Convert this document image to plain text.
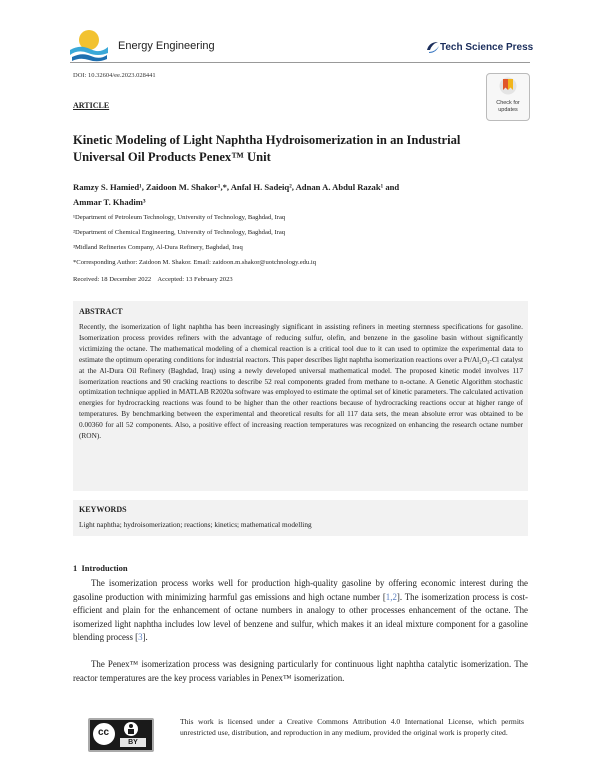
Energy Engineering	Tech Science Press
DOI: 10.32604/ee.2023.028441
Check for
updates
ARTICLE
Kinetic Modeling of Light Naphtha Hydroisomerization in an Industrial Universal Oil Products Penex™ Unit
Ramzy S. Hamied¹, Zaidoon M. Shakor¹,*, Anfal H. Sadeiq², Adnan A. Abdul Razak¹ and
Ammar T. Khadim³
¹Department of Petroleum Technology, University of Technology, Baghdad, Iraq
²Department of Chemical Engineering, University of Technology, Baghdad, Iraq
³Midland Refineries Company, Al-Dura Refinery, Baghdad, Iraq
*Corresponding Author: Zaidoon M. Shakor. Email: zaidoon.m.shakor@uotchnology.edu.iq
Received: 18 December 2022    Accepted: 13 February 2023
ABSTRACT
Recently, the isomerization of light naphtha has been increasingly significant in assisting refiners in meeting sternness specifications for gasoline. Isomerization process provides refiners with the advantage of reducing sulfur, olefin, and benzene in the gasoline basin without significantly victimizing the octane. The mathematical modeling of a chemical reaction is a critical tool due to it can used to optimize the experimental data to estimate the optimum operating conditions for industrial reactors. This paper describes light naphtha isomerization reactions over a Pt/Al₂O₃-Cl catalyst at the Al-Dura Oil Refinery (Baghdad, Iraq) using a newly developed universal mathematical model. The proposed kinetic model involves 117 isomerization reactions and 90 cracking reactions to describe 52 real components graded from methane to n-octane. A Genetic Algorithm stochastic optimization technique applied in MATLAB R2020a software was employed to estimate the optimal set of kinetic parameters. The calculated activation energies for hydrocracking reactions was found to be higher than the other reactions because of hydrocracking reactions occur at higher range of temperatures. By benchmarking between the experimental and theoretical results for all 117 data sets, the mean absolute error was obtained to be 0.00360 for all 52 components. Also, a positive effect of increasing reaction temperatures was recognized on enhancing the research octane number (RON).
KEYWORDS
Light naphtha; hydroisomerization; reactions; kinetics; mathematical modelling
1  Introduction
The isomerization process works well for production high-quality gasoline by offering economic interest during the gasoline production with minimizing harmful gas emissions and high octane number [1,2]. The isomerization process is cost-efficient and plain for the enhancement of octane numbers in analogy to other processes enhancement of the octane. The isomerized light naphtha includes low level of benzene and sulfur, which makes it an ideal mixture component for a gasoline blending process [3].
The Penex™ isomerization process was designing particularly for continuous light naphtha catalytic isomerization. The reactor temperatures are the key process variables in Penex™ isomerization.
cc
BY
This work is licensed under a Creative Commons Attribution 4.0 International License, which permits unrestricted use, distribution, and reproduction in any medium, provided the original work is properly cited.
